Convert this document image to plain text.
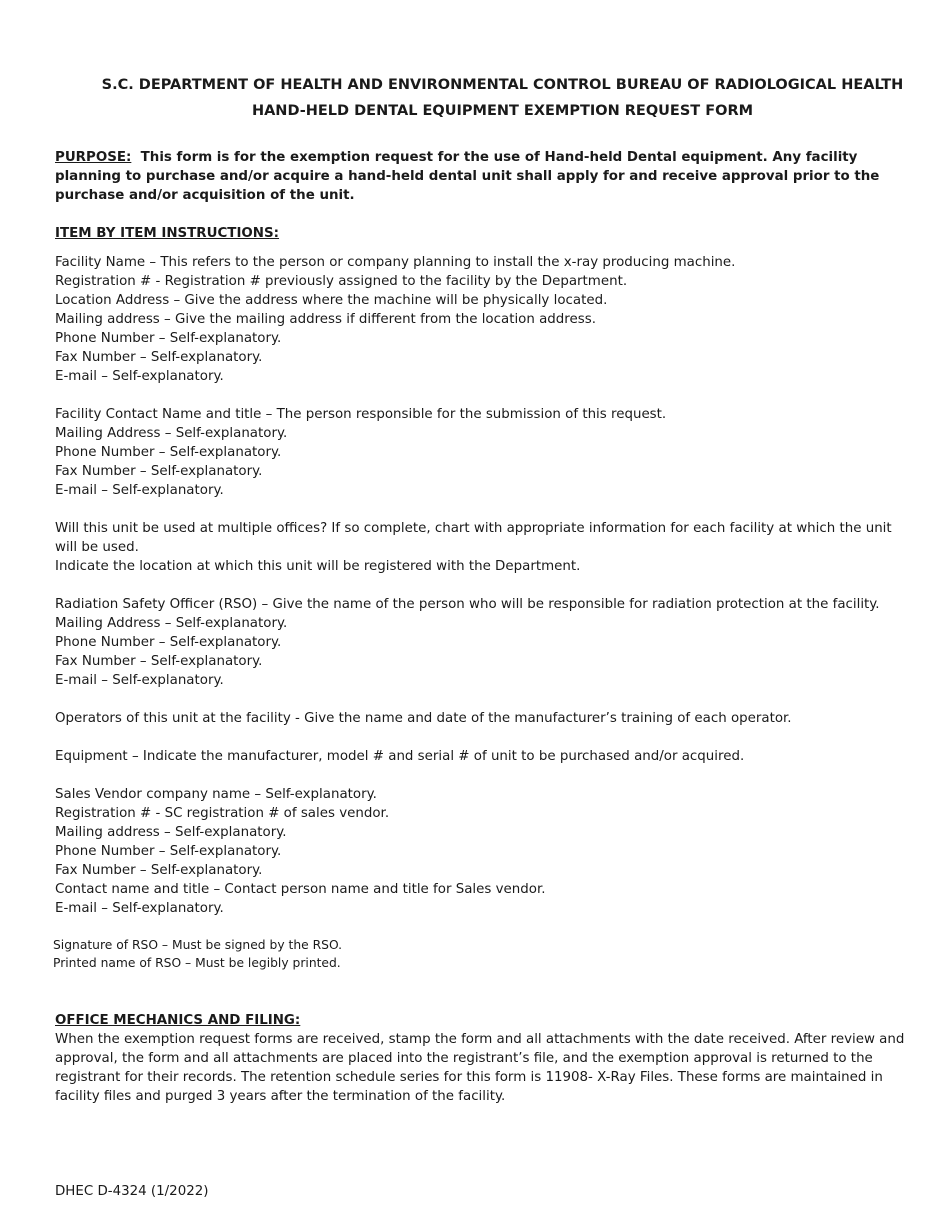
S.C. DEPARTMENT OF HEALTH AND ENVIRONMENTAL CONTROL BUREAU OF RADIOLOGICAL HEALTH

HAND-HELD DENTAL EQUIPMENT EXEMPTION REQUEST FORM

PURPOSE: This form is for the exemption request for the use of Hand-held Dental equipment. Any facility planning to purchase and/or acquire a hand-held dental unit shall apply for and receive approval prior to the purchase and/or acquisition of the unit.

ITEM BY ITEM INSTRUCTIONS:

Facility Name – This refers to the person or company planning to install the x-ray producing machine.

Registration # - Registration # previously assigned to the facility by the Department.

Location Address – Give the address where the machine will be physically located.

Mailing address – Give the mailing address if different from the location address.

Phone Number – Self-explanatory.

Fax Number – Self-explanatory.

E-mail – Self-explanatory.

Facility Contact Name and title – The person responsible for the submission of this request.

Mailing Address – Self-explanatory.

Phone Number – Self-explanatory.

Fax Number – Self-explanatory.

E-mail – Self-explanatory.

Will this unit be used at multiple offices? If so complete, chart with appropriate information for each facility at which the unit will be used.

Indicate the location at which this unit will be registered with the Department.

Radiation Safety Officer (RSO) – Give the name of the person who will be responsible for radiation protection at the facility.

Mailing Address – Self-explanatory.

Phone Number – Self-explanatory.

Fax Number – Self-explanatory.

E-mail – Self-explanatory.

Operators of this unit at the facility - Give the name and date of the manufacturer’s training of each operator.

Equipment – Indicate the manufacturer, model # and serial # of unit to be purchased and/or acquired.

Sales Vendor company name – Self-explanatory.

Registration # - SC registration # of sales vendor.

Mailing address – Self-explanatory.

Phone Number – Self-explanatory.

Fax Number – Self-explanatory.

Contact name and title – Contact person name and title for Sales vendor.

E-mail – Self-explanatory.

Signature of RSO – Must be signed by the RSO.

Printed name of RSO – Must be legibly printed.

OFFICE MECHANICS AND FILING:

When the exemption request forms are received, stamp the form and all attachments with the date received. After review and approval, the form and all attachments are placed into the registrant’s file, and the exemption approval is returned to the registrant for their records. The retention schedule series for this form is 11908- X-Ray Files. These forms are maintained in facility files and purged 3 years after the termination of the facility.

DHEC D-4324 (1/2022)
